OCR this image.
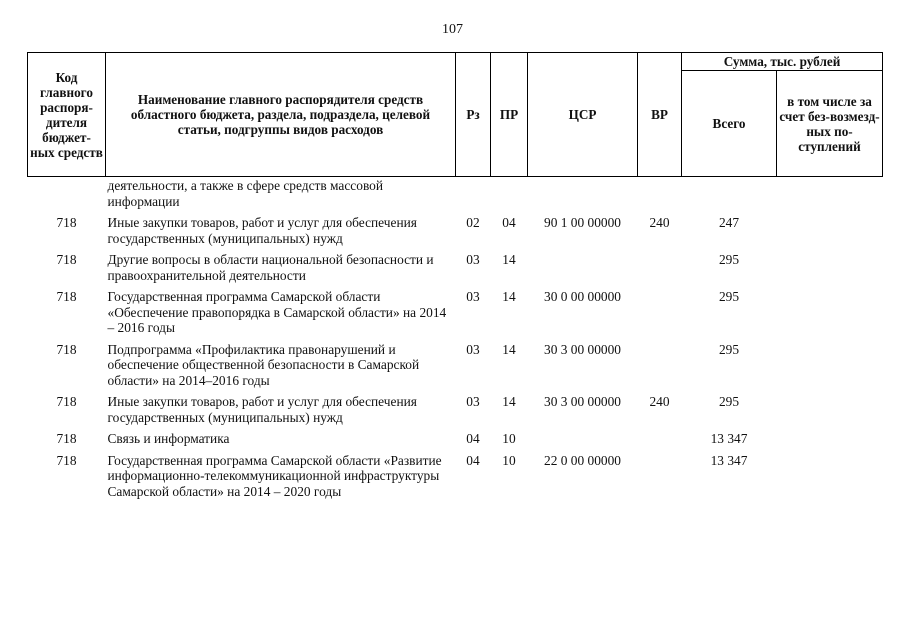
107
Код главного распоря-дителя бюджет-ных средств	Наименование главного распорядителя средств областного бюджета, раздела, подраздела, целевой статьи, подгруппы видов расходов	Рз	ПР	ЦСР	ВР	Сумма, тыс. рублей	
						Всего	в том числе за счет без-возмезд-ных по-ступлений
	деятельности, а также в сфере средств массовой информации						
718	Иные закупки товаров, работ и услуг для обеспечения государственных (муниципальных) нужд	02	04	90 1 00 00000	240	247	
718	Другие вопросы в области национальной безопасности и правоохранительной деятельности	03	14			295	
718	Государственная программа Самарской области «Обеспечение правопорядка в Самарской области» на 2014 – 2016 годы	03	14	30 0 00 00000		295	
718	Подпрограмма «Профилактика правонарушений и обеспечение общественной безопасности в Самарской области» на 2014–2016 годы	03	14	30 3 00 00000		295	
718	Иные закупки товаров, работ и услуг для обеспечения государственных (муниципальных) нужд	03	14	30 3 00 00000	240	295	
718	Связь и информатика	04	10			13 347	
718	Государственная программа Самарской области «Развитие информационно-телекоммуникационной инфраструктуры Самарской области» на 2014 – 2020 годы	04	10	22 0 00 00000		13 347	
